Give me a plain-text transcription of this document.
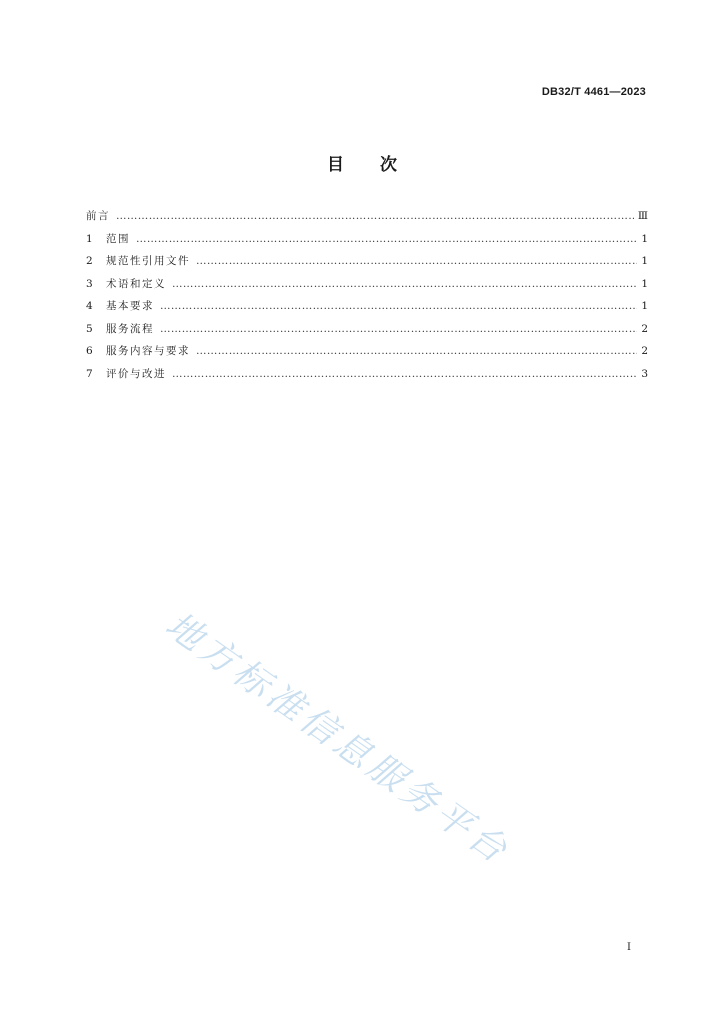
DB32/T 4461—2023
目 次
前言 ……………………………………………………………………………………………………………………………………………………………………………………………………………………………………………………………	Ⅲ
1	范围 ……………………………………………………………………………………………………………………………………………………………………………………………………………………………………………………………	1
2	规范性引用文件 ……………………………………………………………………………………………………………………………………………………………………………………………………………………………………………………………	1
3	术语和定义 ……………………………………………………………………………………………………………………………………………………………………………………………………………………………………………………………	1
4	基本要求 ……………………………………………………………………………………………………………………………………………………………………………………………………………………………………………………………	1
5	服务流程 ……………………………………………………………………………………………………………………………………………………………………………………………………………………………………………………………	2
6	服务内容与要求 ……………………………………………………………………………………………………………………………………………………………………………………………………………………………………………………………	2
7	评价与改进 ……………………………………………………………………………………………………………………………………………………………………………………………………………………………………………………………	3
地方标准信息服务平台
I
